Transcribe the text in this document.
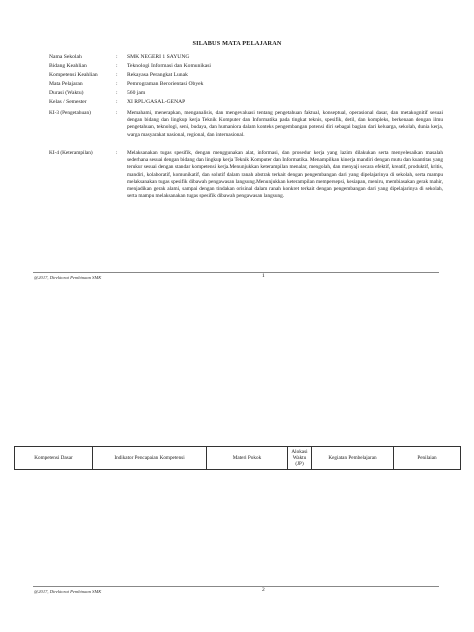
SILABUS MATA PELAJARAN
Nama Sekolah	:	SMK NEGERI 1 SAYUNG
Bidang Keahlian	:	Teknologi Informasi dan Komunikasi
Kompetensi Keahlian	:	Rekayasa Perangkat Lunak
Mata Pelajaran	:	Pemrograman Berorientasi Obyek
Durasi (Waktu)	:	560 jam
Kelas / Semester	:	XI RPL/GASAL-GENAP
KI-3 (Pengetahuan)	:	Memahami, menerapkan, menganalisis, dan mengevaluasi tentang pengetahuan faktual, konseptual, operasional dasar, dan metakognitif sesuai dengan bidang dan lingkup kerja Teknik Komputer dan Informatika pada tingkat teknis, spesifik, detil, dan kompleks, berkenaan dengan ilmu pengetahuan, teknologi, seni, budaya, dan humaniora dalam konteks pengembangan potensi diri sebagai bagian dari keluarga, sekolah, dunia kerja, warga masyarakat nasional, regional, dan internasional.
KI-4 (Keterampilan)	:	Melaksanakan tugas spesifik, dengan menggunakan alat, informasi, dan prosedur kerja yang lazim dilakukan serta menyelesaikan masalah sederhana sesuai dengan bidang dan lingkup kerja Teknik Komputer dan Informatika. Menampilkan kinerja mandiri dengan mutu dan kuantitas yang terukur sesuai dengan standar kompetensi kerja.Menunjukkan keterampilan menalar, mengolah, dan menyaji secara efektif, kreatif, produktif, kritis, mandiri, kolaboratif, komunikatif, dan solutif dalam ranah abstrak terkait dengan pengembangan dari yang dipelajarinya di sekolah, serta mampu melaksanakan tugas spesifik dibawah pengawasan langsung.Menunjukkan keterampilan mempersepsi, kesiapan, meniru, membiasakan gerak mahir, menjadikan gerak alami, sampai dengan tindakan orisinal dalam ranah konkret terkait dengan pengembangan dari yang dipelajarinya di sekolah, serta mampu melaksanakan tugas spesifik dibawah pengawasan langsung.
@2017, Direktorat Pembinaan SMK	1
Kompetensi Dasar	Indikator Pencapaian Kompetensi	Materi Pokok	Alokasi Waktu (JP)	Kegiatan Pembelajaran	Penilaian
@2017, Direktorat Pembinaan SMK	2
